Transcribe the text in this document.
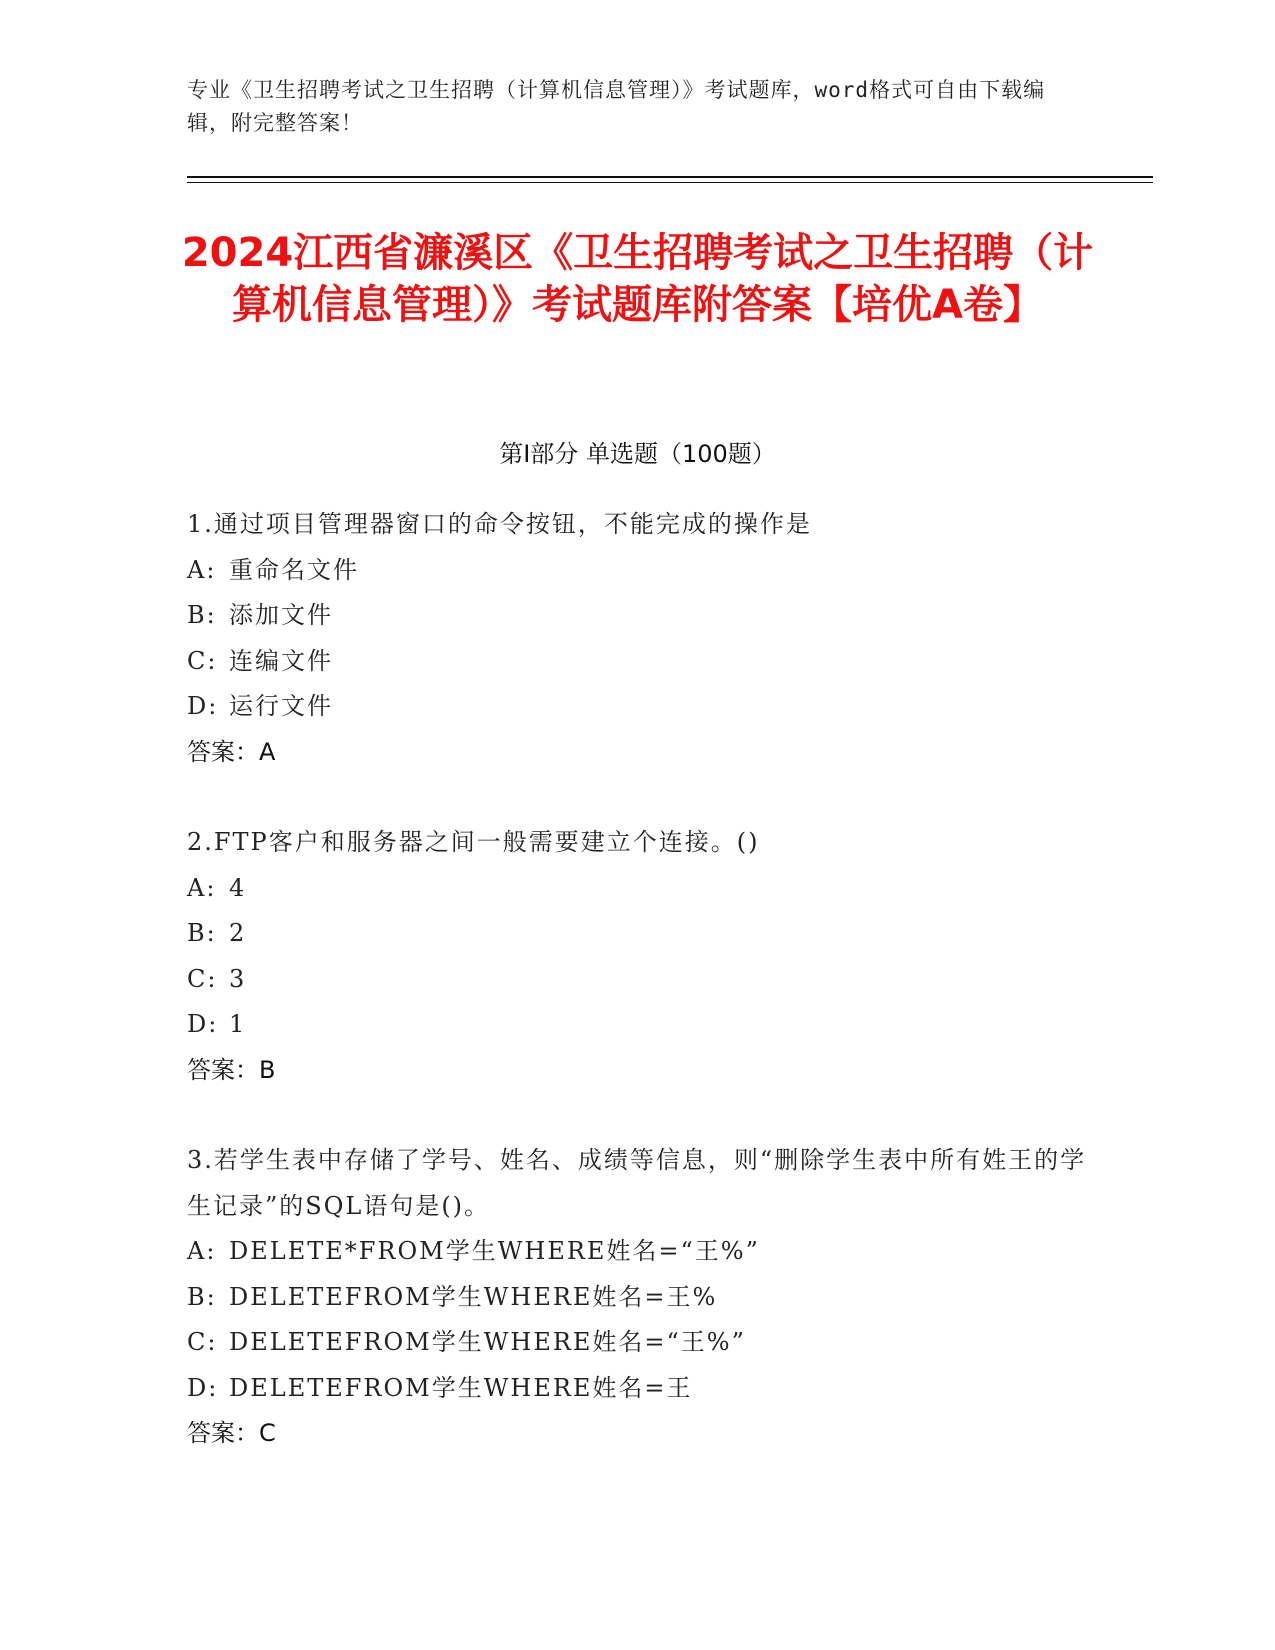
专业《卫生招聘考试之卫生招聘（计算机信息管理）》考试题库，word格式可自由下载编辑，附完整答案！
2024江西省濂溪区《卫生招聘考试之卫生招聘（计算机信息管理）》考试题库附答案【培优A卷】
第Ⅰ部分 单选题（100题）
1.通过项目管理器窗口的命令按钮，不能完成的操作是
A: 重命名文件
B: 添加文件
C: 连编文件
D: 运行文件
答案：A
2.FTP客户和服务器之间一般需要建立个连接。()
A: 4
B: 2
C: 3
D: 1
答案：B
3.若学生表中存储了学号、姓名、成绩等信息，则“删除学生表中所有姓王的学生记录”的SQL语句是()。
A: DELETE*FROM学生WHERE姓名=“王%”
B: DELETEFROM学生WHERE姓名=王%
C: DELETEFROM学生WHERE姓名=“王%”
D: DELETEFROM学生WHERE姓名=王
答案：C
